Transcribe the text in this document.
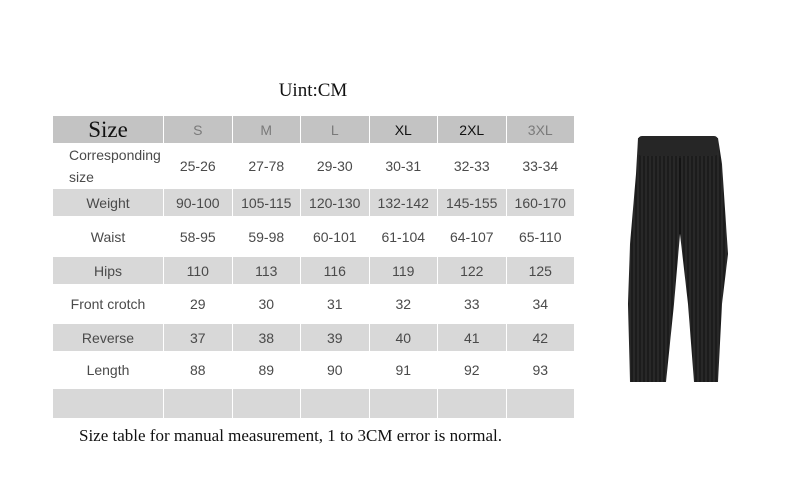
Uint:CM
Size	S	M	L	XL	2XL	3XL
Corresponding size	25-26	27-78	29-30	30-31	32-33	33-34
Weight	90-100	105-115	120-130	132-142	145-155	160-170
Waist	58-95	59-98	60-101	61-104	64-107	65-110
Hips	110	113	116	119	122	125
Front crotch	29	30	31	32	33	34
Reverse	37	38	39	40	41	42
Length	88	89	90	91	92	93

Size table for manual measurement, 1 to 3CM error is normal.
